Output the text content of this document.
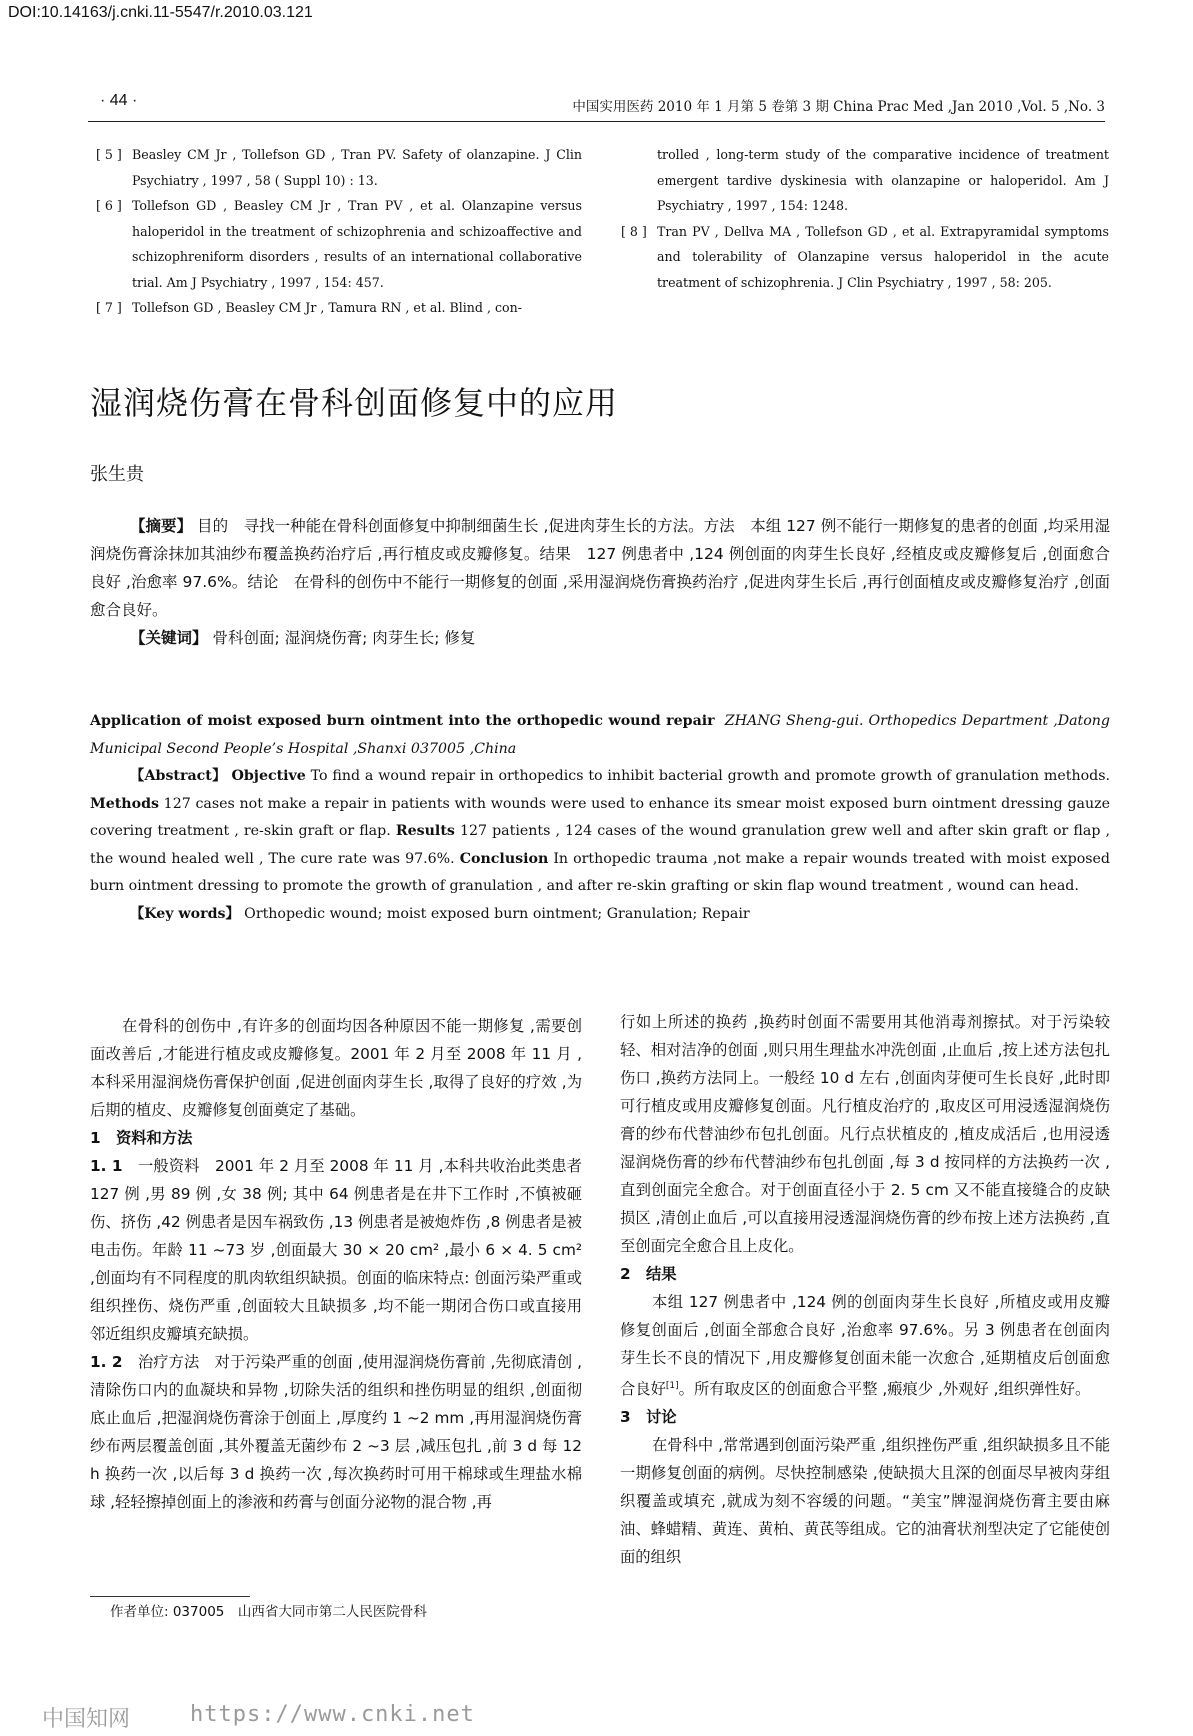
DOI:10.14163/j.cnki.11-5547/r.2010.03.121
· 44 ·	中国实用医药 2010 年 1 月第 5 卷第 3 期 China Prac Med ,Jan 2010 ,Vol. 5 ,No. 3
[ 5 ] Beasley CM Jr , Tollefson GD , Tran PV. Safety of olanzapine. J Clin Psychiatry , 1997 , 58 ( Suppl 10) : 13.
[ 6 ] Tollefson GD , Beasley CM Jr , Tran PV , et al. Olanzapine versus haloperidol in the treatment of schizophrenia and schizoaffective and schizophreniform disorders , results of an international collaborative trial. Am J Psychiatry , 1997 , 154: 457.
[ 7 ] Tollefson GD , Beasley CM Jr , Tamura RN , et al. Blind , con-
trolled , long-term study of the comparative incidence of treatment emergent tardive dyskinesia with olanzapine or haloperidol. Am J Psychiatry , 1997 , 154: 1248.
[ 8 ] Tran PV , Dellva MA , Tollefson GD , et al. Extrapyramidal symptoms and tolerability of Olanzapine versus haloperidol in the acute treatment of schizophrenia. J Clin Psychiatry , 1997 , 58: 205.
湿润烧伤膏在骨科创面修复中的应用
张生贵

【摘要】 目的　寻找一种能在骨科创面修复中抑制细菌生长 ,促进肉芽生长的方法。方法　本组 127 例不能行一期修复的患者的创面 ,均采用湿润烧伤膏涂抹加其油纱布覆盖换药治疗后 ,再行植皮或皮瓣修复。结果　127 例患者中 ,124 例创面的肉芽生长良好 ,经植皮或皮瓣修复后 ,创面愈合良好 ,治愈率 97.6%。结论　在骨科的创伤中不能行一期修复的创面 ,采用湿润烧伤膏换药治疗 ,促进肉芽生长后 ,再行创面植皮或皮瓣修复治疗 ,创面愈合良好。

【关键词】 骨科创面; 湿润烧伤膏; 肉芽生长; 修复

Application of moist exposed burn ointment into the orthopedic wound repair ZHANG Sheng-gui. Orthopedics Department ,Datong Municipal Second People’s Hospital ,Shanxi 037005 ,China

【Abstract】 Objective To find a wound repair in orthopedics to inhibit bacterial growth and promote growth of granulation methods. Methods 127 cases not make a repair in patients with wounds were used to enhance its smear moist exposed burn ointment dressing gauze covering treatment , re-skin graft or flap. Results 127 patients , 124 cases of the wound granulation grew well and after skin graft or flap , the wound healed well , The cure rate was 97.6%. Conclusion In orthopedic trauma ,not make a repair wounds treated with moist exposed burn ointment dressing to promote the growth of granulation , and after re-skin grafting or skin flap wound treatment , wound can head.

【Key words】 Orthopedic wound; moist exposed burn ointment; Granulation; Repair

在骨科的创伤中 ,有许多的创面均因各种原因不能一期修复 ,需要创面改善后 ,才能进行植皮或皮瓣修复。2001 年 2 月至 2008 年 11 月 ,本科采用湿润烧伤膏保护创面 ,促进创面肉芽生长 ,取得了良好的疗效 ,为后期的植皮、皮瓣修复创面奠定了基础。

1　资料和方法

1. 1　一般资料　2001 年 2 月至 2008 年 11 月 ,本科共收治此类患者 127 例 ,男 89 例 ,女 38 例; 其中 64 例患者是在井下工作时 ,不慎被砸伤、挤伤 ,42 例患者是因车祸致伤 ,13 例患者是被炮炸伤 ,8 例患者是被电击伤。年龄 11 ~73 岁 ,创面最大 30 × 20 cm² ,最小 6 × 4. 5 cm² ,创面均有不同程度的肌肉软组织缺损。创面的临床特点: 创面污染严重或组织挫伤、烧伤严重 ,创面较大且缺损多 ,均不能一期闭合伤口或直接用邻近组织皮瓣填充缺损。

1. 2　治疗方法　对于污染严重的创面 ,使用湿润烧伤膏前 ,先彻底清创 ,清除伤口内的血凝块和异物 ,切除失活的组织和挫伤明显的组织 ,创面彻底止血后 ,把湿润烧伤膏涂于创面上 ,厚度约 1 ~2 mm ,再用湿润烧伤膏纱布两层覆盖创面 ,其外覆盖无菌纱布 2 ~3 层 ,减压包扎 ,前 3 d 每 12 h 换药一次 ,以后每 3 d 换药一次 ,每次换药时可用干棉球或生理盐水棉球 ,轻轻擦掉创面上的渗液和药膏与创面分泌物的混合物 ,再

行如上所述的换药 ,换药时创面不需要用其他消毒剂擦拭。对于污染较轻、相对洁净的创面 ,则只用生理盐水冲洗创面 ,止血后 ,按上述方法包扎伤口 ,换药方法同上。一般经 10 d 左右 ,创面肉芽便可生长良好 ,此时即可行植皮或用皮瓣修复创面。凡行植皮治疗的 ,取皮区可用浸透湿润烧伤膏的纱布代替油纱布包扎创面。凡行点状植皮的 ,植皮成活后 ,也用浸透湿润烧伤膏的纱布代替油纱布包扎创面 ,每 3 d 按同样的方法换药一次 ,直到创面完全愈合。对于创面直径小于 2. 5 cm 又不能直接缝合的皮缺损区 ,清创止血后 ,可以直接用浸透湿润烧伤膏的纱布按上述方法换药 ,直至创面完全愈合且上皮化。

2　结果

本组 127 例患者中 ,124 例的创面肉芽生长良好 ,所植皮或用皮瓣修复创面后 ,创面全部愈合良好 ,治愈率 97.6%。另 3 例患者在创面肉芽生长不良的情况下 ,用皮瓣修复创面未能一次愈合 ,延期植皮后创面愈合良好[1]。所有取皮区的创面愈合平整 ,瘢痕少 ,外观好 ,组织弹性好。

3　讨论

在骨科中 ,常常遇到创面污染严重 ,组织挫伤严重 ,组织缺损多且不能一期修复创面的病例。尽快控制感染 ,使缺损大且深的创面尽早被肉芽组织覆盖或填充 ,就成为刻不容缓的问题。“美宝”牌湿润烧伤膏主要由麻油、蜂蜡精、黄连、黄柏、黄芪等组成。它的油膏状剂型决定了它能使创面的组织

作者单位: 037005　山西省大同市第二人民医院骨科
中国知网	https://www.cnki.net
